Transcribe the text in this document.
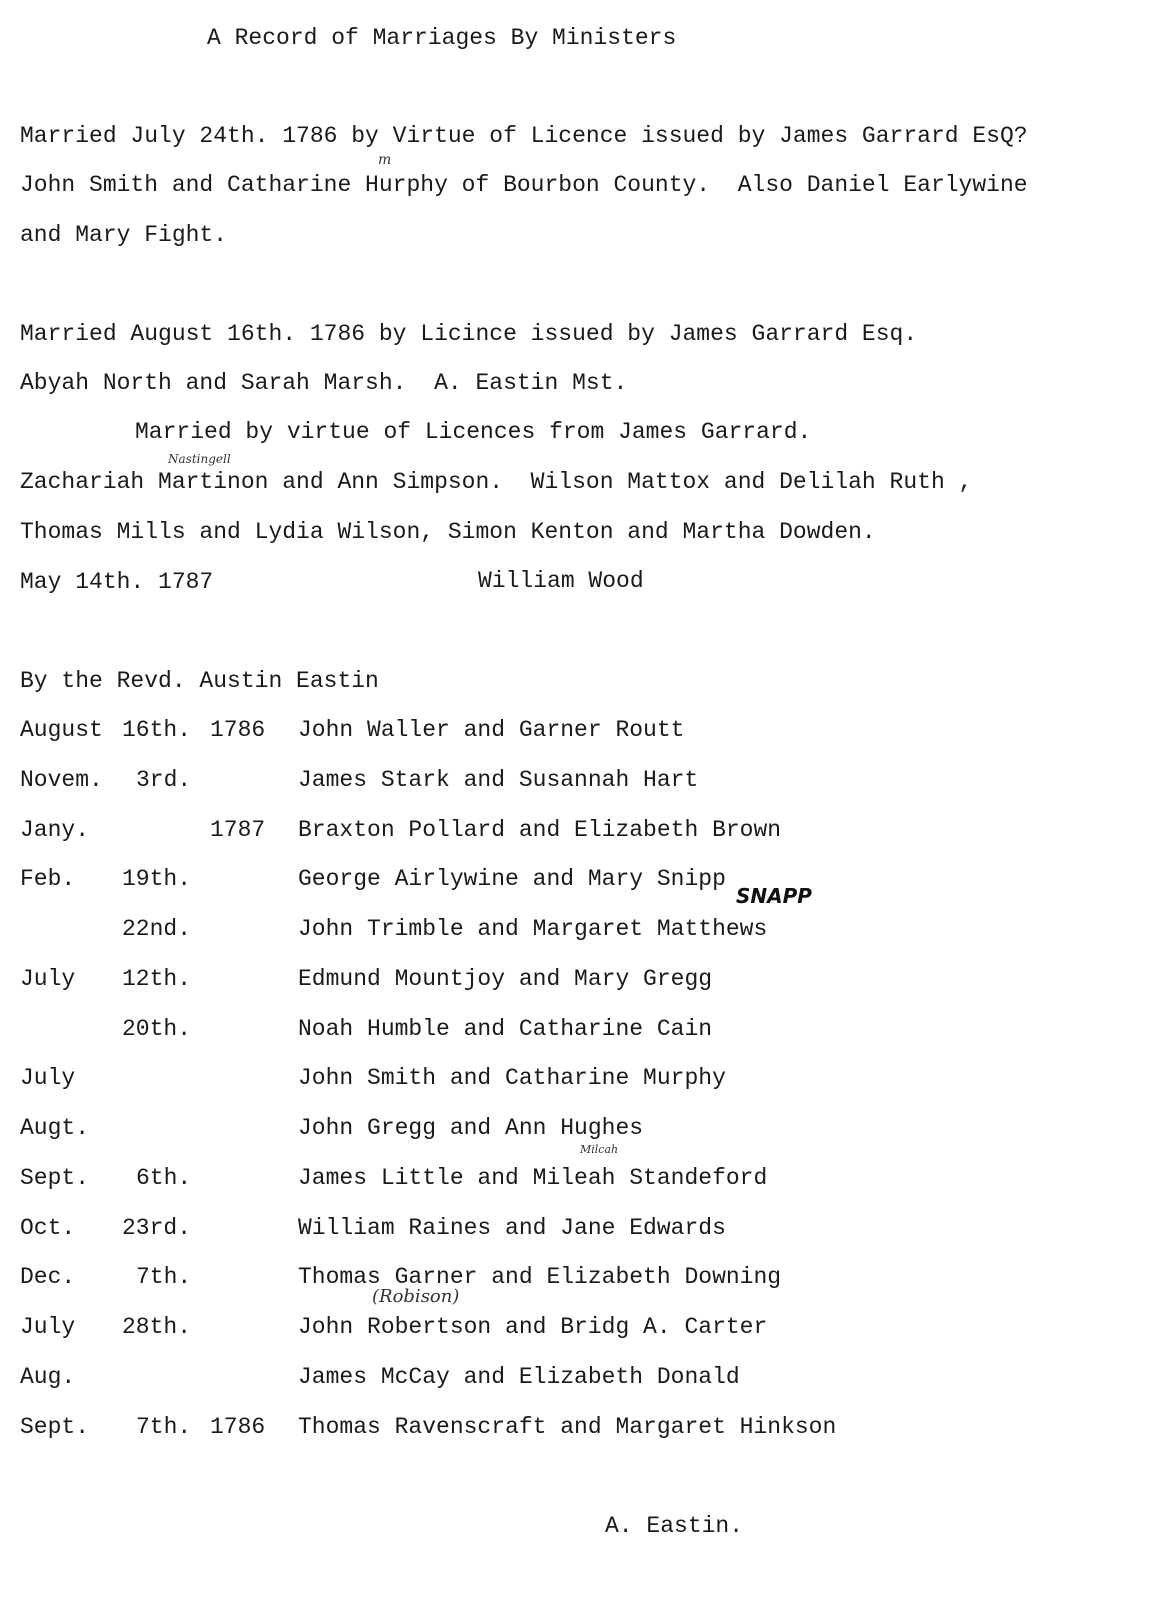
A Record of Marriages By Ministers
Married July 24th. 1786 by Virtue of Licence issued by James Garrard EsQ?
m
John Smith and Catharine Hurphy of Bourbon County.  Also Daniel Earlywine
and Mary Fight.
Married August 16th. 1786 by Licince issued by James Garrard Esq.
Abyah North and Sarah Marsh.  A. Eastin Mst.
Married by virtue of Licences from James Garrard.
Nastingell
Zachariah Martinon and Ann Simpson.  Wilson Mattox and Delilah Ruth ,
Thomas Mills and Lydia Wilson, Simon Kenton and Martha Dowden.
May 14th. 1787	William Wood
By the Revd. Austin Eastin
August 16th. 1786 John Waller and Garner Routt
Novem. 3rd.	James Stark and Susannah Hart
Jany.	1787 Braxton Pollard and Elizabeth Brown
Feb. 19th.	George Airlywine and Mary Snipp
22nd.	John Trimble and Margaret Matthews
July 12th.	Edmund Mountjoy and Mary Gregg
20th.	Noah Humble and Catharine Cain
July	John Smith and Catharine Murphy
Augt.	John Gregg and Ann Hughes
Sept. 6th.	James Little and Mileah Standeford
Oct. 23rd.	William Raines and Jane Edwards
Dec.	7th.	Thomas Garner and Elizabeth Downing
July 28th.	John Robertson and Bridg A. Carter
Aug.	James McCay and Elizabeth Donald
Sept. 7th. 1786 Thomas Ravenscraft and Margaret Hinkson
SNAPP
(Robison)
Milcah
A. Eastin.
